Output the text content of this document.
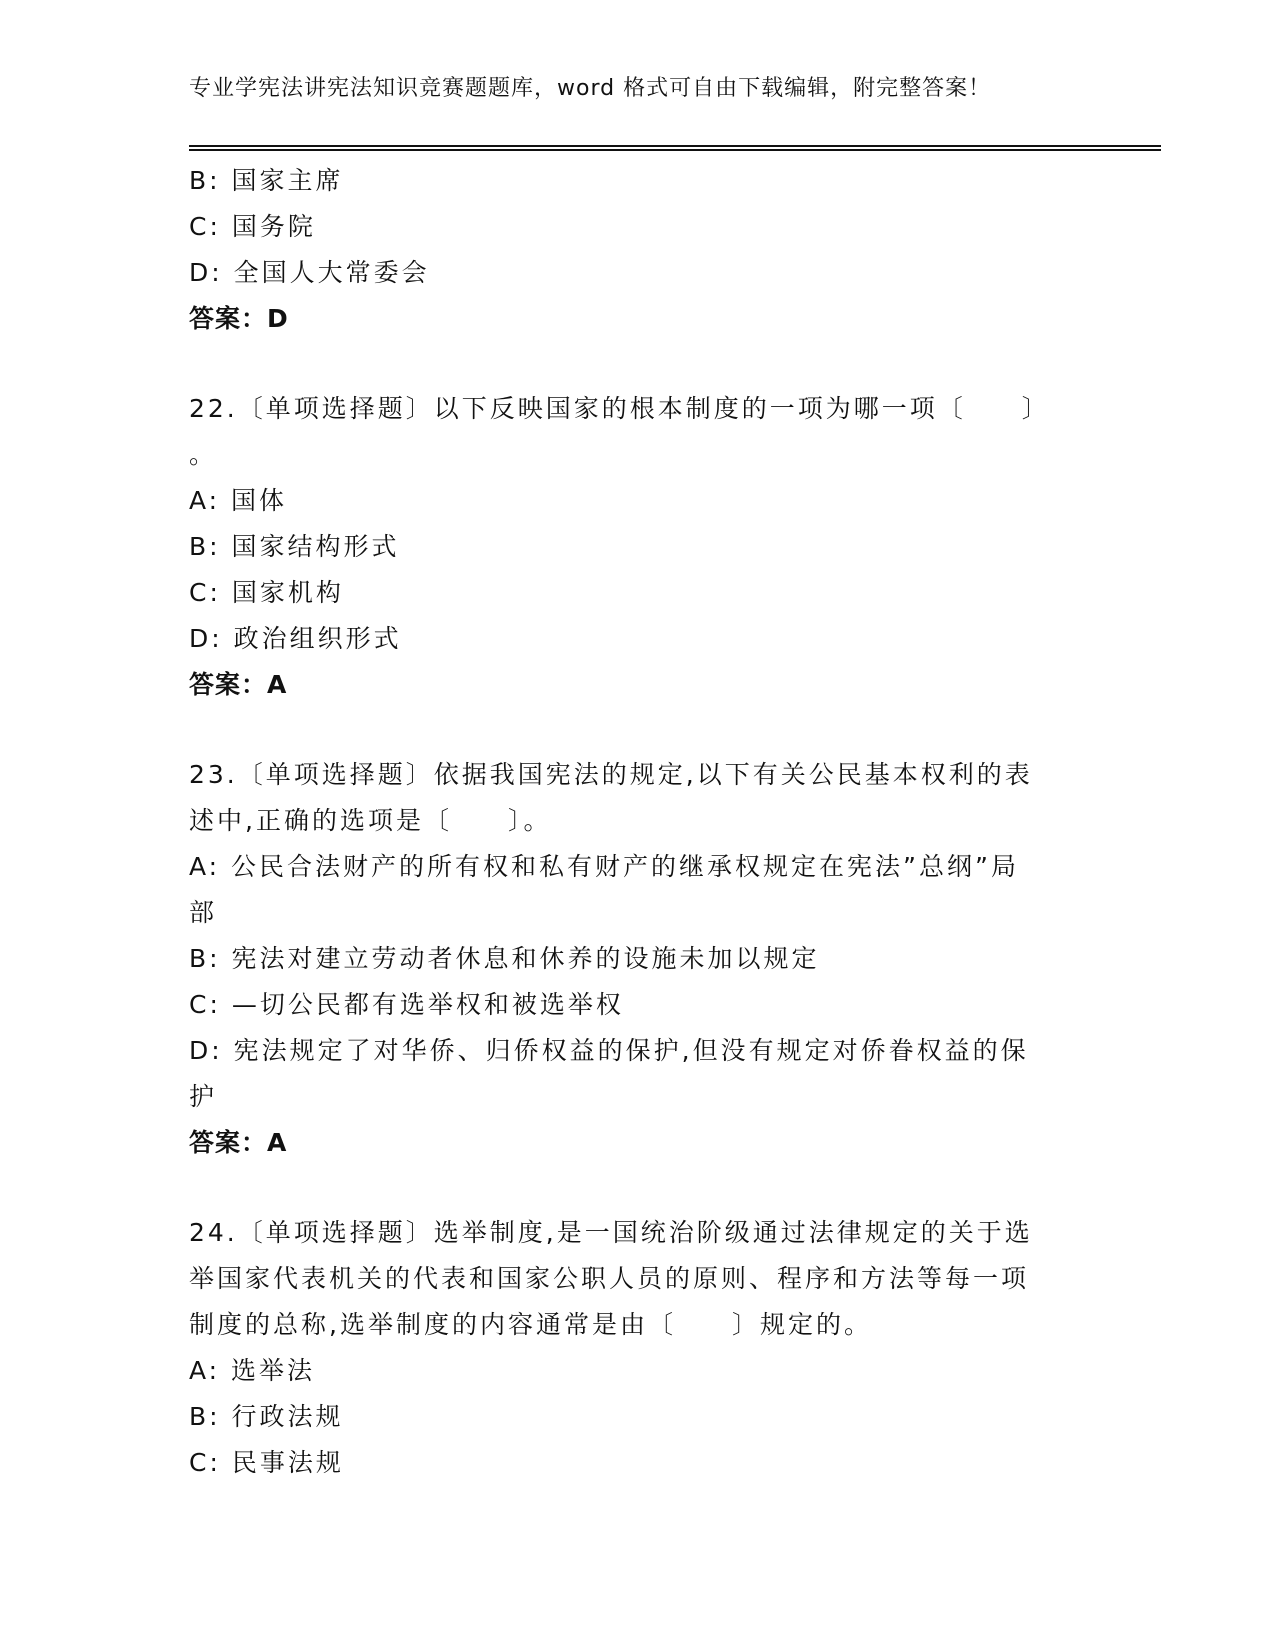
专业学宪法讲宪法知识竞赛题题库，word 格式可自由下载编辑，附完整答案！
B: 国家主席
C: 国务院
D: 全国人大常委会
答案：D
22.〔单项选择题〕以下反映国家的根本制度的一项为哪一项〔　　〕
。
A: 国体
B: 国家结构形式
C: 国家机构
D: 政治组织形式
答案：A
23.〔单项选择题〕依据我国宪法的规定,以下有关公民基本权利的表
述中,正确的选项是〔　　〕。
A: 公民合法财产的所有权和私有财产的继承权规定在宪法”总纲”局
部
B: 宪法对建立劳动者休息和休养的设施未加以规定
C: —切公民都有选举权和被选举权
D: 宪法规定了对华侨、归侨权益的保护,但没有规定对侨眷权益的保
护
答案：A
24.〔单项选择题〕选举制度,是一国统治阶级通过法律规定的关于选
举国家代表机关的代表和国家公职人员的原则、程序和方法等每一项
制度的总称,选举制度的内容通常是由〔　　〕规定的。
A: 选举法
B: 行政法规
C: 民事法规
